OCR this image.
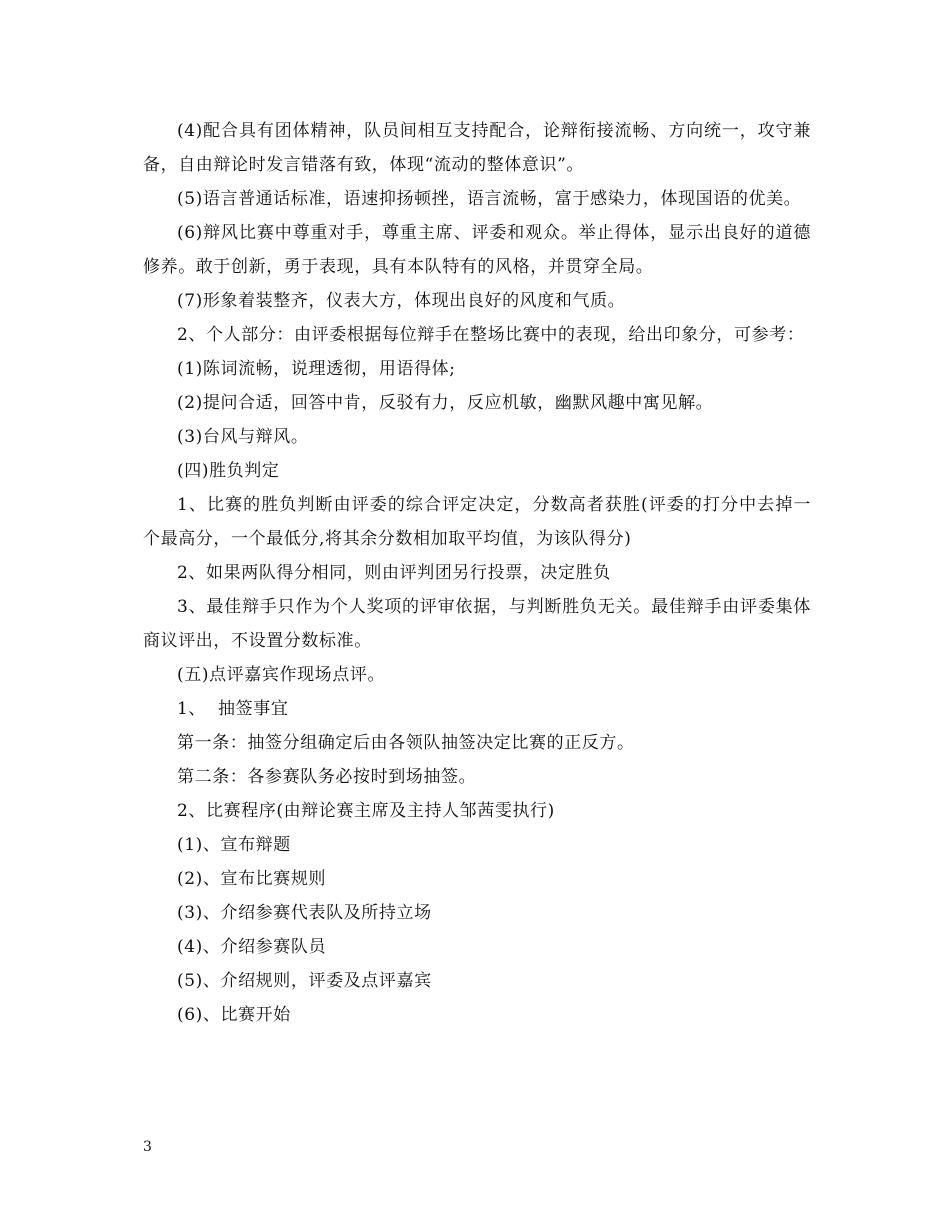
(4)配合具有团体精神，队员间相互支持配合，论辩衔接流畅、方向统一，攻守兼备，自由辩论时发言错落有致，体现“流动的整体意识”。

(5)语言普通话标准，语速抑扬顿挫，语言流畅，富于感染力，体现国语的优美。

(6)辩风比赛中尊重对手，尊重主席、评委和观众。举止得体，显示出良好的道德修养。敢于创新，勇于表现，具有本队特有的风格，并贯穿全局。

(7)形象着装整齐，仪表大方，体现出良好的风度和气质。

2、个人部分：由评委根据每位辩手在整场比赛中的表现，给出印象分，可参考：

(1)陈词流畅，说理透彻，用语得体;

(2)提问合适，回答中肯，反驳有力，反应机敏，幽默风趣中寓见解。

(3)台风与辩风。

(四)胜负判定

1、比赛的胜负判断由评委的综合评定决定，分数高者获胜(评委的打分中去掉一个最高分，一个最低分,将其余分数相加取平均值，为该队得分)

2、如果两队得分相同，则由评判团另行投票，决定胜负

3、最佳辩手只作为个人奖项的评审依据，与判断胜负无关。最佳辩手由评委集体商议评出，不设置分数标准。

(五)点评嘉宾作现场点评。

1、  抽签事宜

第一条：抽签分组确定后由各领队抽签决定比赛的正反方。

第二条：各参赛队务必按时到场抽签。

2、比赛程序(由辩论赛主席及主持人邹茜雯执行)

(1)、宣布辩题

(2)、宣布比赛规则

(3)、介绍参赛代表队及所持立场

(4)、介绍参赛队员

(5)、介绍规则，评委及点评嘉宾

(6)、比赛开始

3
